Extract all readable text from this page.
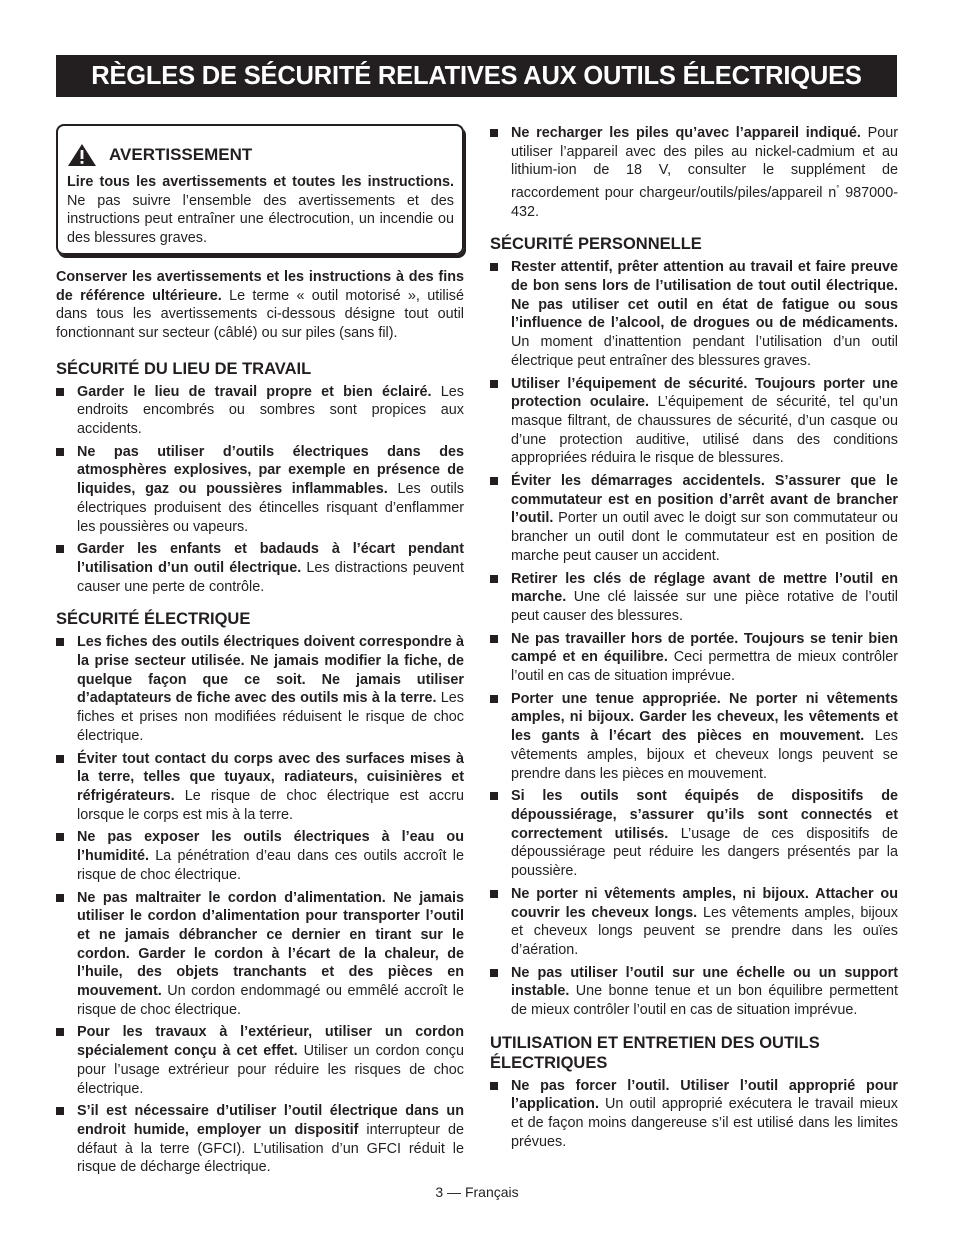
RÈGLES DE SÉCURITÉ RELATIVES AUX OUTILS ÉLECTRIQUES
AVERTISSEMENT

Lire tous les avertissements et toutes les instructions. Ne pas suivre l’ensemble des avertissements et des instructions peut entraîner une électrocution, un incendie ou des blessures graves.

Conserver les avertissements et les instructions à des fins de référence ultérieure. Le terme « outil motorisé », utilisé dans tous les avertissements ci-dessous désigne tout outil fonctionnant sur secteur (câblé) ou sur piles (sans fil).

SÉCURITÉ DU LIEU DE TRAVAIL
Garder le lieu de travail propre et bien éclairé. Les endroits encombrés ou sombres sont propices aux accidents.
Ne pas utiliser d’outils électriques dans des atmosphères explosives, par exemple en présence de liquides, gaz ou poussières inflammables. Les outils électriques produisent des étincelles risquant d’enflammer les poussières ou vapeurs.
Garder les enfants et badauds à l’écart pendant l’utilisation d’un outil électrique. Les distractions peuvent causer une perte de contrôle.
SÉCURITÉ ÉLECTRIQUE
Les fiches des outils électriques doivent correspondre à la prise secteur utilisée. Ne jamais modifier la fiche, de quelque façon que ce soit. Ne jamais utiliser d’adaptateurs de fiche avec des outils mis à la terre. Les fiches et prises non modifiées réduisent le risque de choc électrique.
Éviter tout contact du corps avec des surfaces mises à la terre, telles que tuyaux, radiateurs, cuisinières et réfrigérateurs. Le risque de choc électrique est accru lorsque le corps est mis à la terre.
Ne pas exposer les outils électriques à l’eau ou l’humidité. La pénétration d’eau dans ces outils accroît le risque de choc électrique.
Ne pas maltraiter le cordon d’alimentation. Ne jamais utiliser le cordon d’alimentation pour transporter l’outil et ne jamais débrancher ce dernier en tirant sur le cordon. Garder le cordon à l’écart de la chaleur, de l’huile, des objets tranchants et des pièces en mouvement. Un cordon endommagé ou emmêlé accroît le risque de choc électrique.
Pour les travaux à l’extérieur, utiliser un cordon spécialement conçu à cet effet. Utiliser un cordon conçu pour l’usage extrérieur pour réduire les risques de choc électrique.
S’il est nécessaire d’utiliser l’outil électrique dans un endroit humide, employer un dispositif interrupteur de défaut à la terre (GFCI). L’utilisation d’un GFCI réduit le risque de décharge électrique.
Ne recharger les piles qu’avec l’appareil indiqué. Pour utiliser l’appareil avec des piles au nickel-cadmium et au lithium-ion de 18 V, consulter le supplément de raccordement pour chargeur/outils/piles/appareil n° 987000-432.
SÉCURITÉ PERSONNELLE
Rester attentif, prêter attention au travail et faire preuve de bon sens lors de l’utilisation de tout outil électrique. Ne pas utiliser cet outil en état de fatigue ou sous l’influence de l’alcool, de drogues ou de médicaments. Un moment d’inattention pendant l’utilisation d’un outil électrique peut entraîner des blessures graves.
Utiliser l’équipement de sécurité. Toujours porter une protection oculaire. L’équipement de sécurité, tel qu’un masque filtrant, de chaussures de sécurité, d’un casque ou d’une protection auditive, utilisé dans des conditions appropriées réduira le risque de blessures.
Éviter les démarrages accidentels. S’assurer que le commutateur est en position d’arrêt avant de brancher l’outil. Porter un outil avec le doigt sur son commutateur ou brancher un outil dont le commutateur est en position de marche peut causer un accident.
Retirer les clés de réglage avant de mettre l’outil en marche. Une clé laissée sur une pièce rotative de l’outil peut causer des blessures.
Ne pas travailler hors de portée. Toujours se tenir bien campé et en équilibre. Ceci permettra de mieux contrôler l’outil en cas de situation imprévue.
Porter une tenue appropriée. Ne porter ni vêtements amples, ni bijoux. Garder les cheveux, les vêtements et les gants à l’écart des pièces en mouvement. Les vêtements amples, bijoux et cheveux longs peuvent se prendre dans les pièces en mouvement.
Si les outils sont équipés de dispositifs de dépoussiérage, s’assurer qu’ils sont connectés et correctement utilisés. L’usage de ces dispositifs de dépoussiérage peut réduire les dangers présentés par la poussière.
Ne porter ni vêtements amples, ni bijoux. Attacher ou couvrir les cheveux longs. Les vêtements amples, bijoux et cheveux longs peuvent se prendre dans les ouïes d’aération.
Ne pas utiliser l’outil sur une échelle ou un support instable. Une bonne tenue et un bon équilibre permettent de mieux contrôler l’outil en cas de situation imprévue.
UTILISATION ET ENTRETIEN DES OUTILS ÉLECTRIQUES
Ne pas forcer l’outil. Utiliser l’outil approprié pour l’application. Un outil approprié exécutera le travail mieux et de façon moins dangereuse s’il est utilisé dans les limites prévues.
3 — Français
